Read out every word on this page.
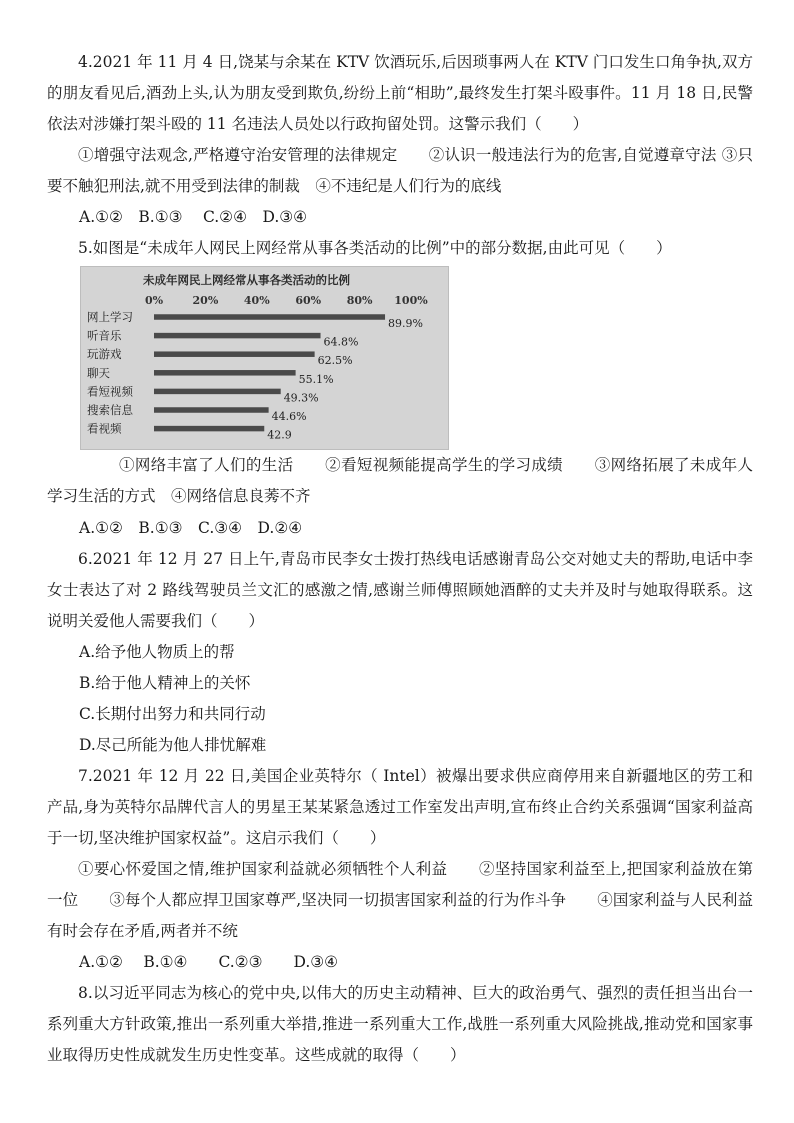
4.2021 年 11 月 4 日,饶某与余某在 KTV 饮酒玩乐,后因琐事两人在 KTV 门口发生口角争执,双方的朋友看见后,酒劲上头,认为朋友受到欺负,纷纷上前“相助”,最终发生打架斗殴事件。11 月 18 日,民警依法对涉嫌打架斗殴的 11 名违法人员处以行政拘留处罚。这警示我们（　　）
①增强守法观念,严格遵守治安管理的法律规定　　②认识一般违法行为的危害,自觉遵章守法 ③只要不触犯刑法,就不用受到法律的制裁　④不违纪是人们行为的底线
A.①②　B.①③　 C.②④　D.③④
5.如图是“未成年人网民上网经常从事各类活动的比例”中的部分数据,由此可见（　　）
未成年网民上网经常从事各类活动的比例
0%	20% 40% 60% 80% 100%
网上学习	89.9%
听音乐	64.8%
玩游戏	62.5%
聊天	55.1%
看短视频	49.3%
搜索信息	44.6%
看视频	42.9
①网络丰富了人们的生活　　②看短视频能提高学生的学习成绩　　③网络拓展了未成年人学习生活的方式　④网络信息良莠不齐
A.①②　B.①③　C.③④　D.②④
6.2021 年 12 月 27 日上午,青岛市民李女士拨打热线电话感谢青岛公交对她丈夫的帮助,电话中李女士表达了对 2 路线驾驶员兰文汇的感激之情,感谢兰师傅照顾她酒醉的丈夫并及时与她取得联系。这说明关爱他人需要我们（　　）
A.给予他人物质上的帮
B.给于他人精神上的关怀
C.长期付出努力和共同行动
D.尽己所能为他人排忧解难
7.2021 年 12 月 22 日,美国企业英特尔（ Intel）被爆出要求供应商停用来自新疆地区的劳工和产品,身为英特尔品牌代言人的男星王某某紧急透过工作室发出声明,宣布终止合约关系强调“国家利益高于一切,坚决维护国家权益”。这启示我们（　　）
①要心怀爱国之情,维护国家利益就必须牺牲个人利益　　②坚持国家利益至上,把国家利益放在第一位　　③每个人都应捍卫国家尊严,坚决同一切损害国家利益的行为作斗争　　④国家利益与人民利益有时会存在矛盾,两者并不统
A.①②　 B.①④　　C.②③　　D.③④
8.以习近平同志为核心的党中央,以伟大的历史主动精神、巨大的政治勇气、强烈的责任担当出台一系列重大方针政策,推出一系列重大举措,推进一系列重大工作,战胜一系列重大风险挑战,推动党和国家事业取得历史性成就发生历史性变革。这些成就的取得（　　）
